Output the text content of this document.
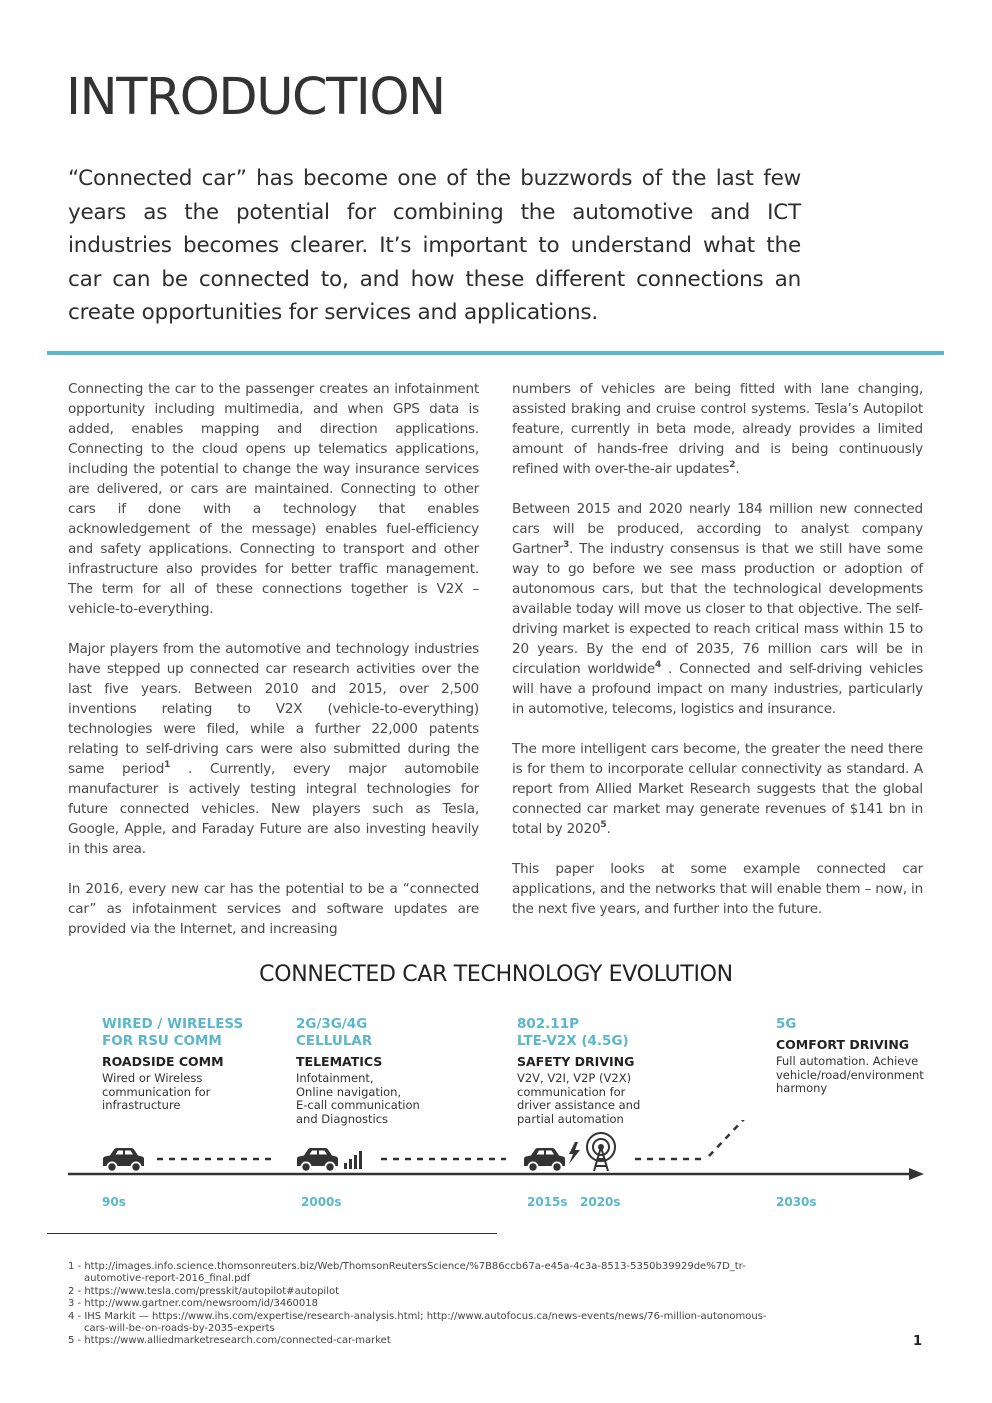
INTRODUCTION

“Connected car” has become one of the buzzwords of the last few years as the potential for combining the automotive and ICT industries becomes clearer. It’s important to understand what the car can be connected to, and how these different connections an create opportunities for services and applications.

Connecting the car to the passenger creates an infotainment opportunity including multimedia, and when GPS data is added, enables mapping and direction applications. Connecting to the cloud opens up telematics applications, including the potential to change the way insurance services are delivered, or cars are maintained. Connecting to other cars if done with a technology that enables acknowledgement of the message) enables fuel-efficiency and safety applications. Connecting to transport and other infrastructure also provides for better traffic management. The term for all of these connections together is V2X – vehicle-to-everything.

Major players from the automotive and technology industries have stepped up connected car research activities over the last five years. Between 2010 and 2015, over 2,500 inventions relating to V2X (vehicle-to-everything) technologies were filed, while a further 22,000 patents relating to self-driving cars were also submitted during the same period$^1$ . Currently, every major automobile manufacturer is actively testing integral technologies for future connected vehicles. New players such as Tesla, Google, Apple, and Faraday Future are also investing heavily in this area.

In 2016, every new car has the potential to be a “connected car” as infotainment services and software updates are provided via the Internet, and increasing

numbers of vehicles are being fitted with lane changing, assisted braking and cruise control systems. Tesla’s Autopilot feature, currently in beta mode, already provides a limited amount of hands-free driving and is being continuously refined with over-the-air updates$^2$.

Between 2015 and 2020 nearly 184 million new connected cars will be produced, according to analyst company Gartner$^3$. The industry consensus is that we still have some way to go before we see mass production or adoption of autonomous cars, but that the technological developments available today will move us closer to that objective. The self-driving market is expected to reach critical mass within 15 to 20 years. By the end of 2035, 76 million cars will be in circulation worldwide$^4$ . Connected and self-driving vehicles will have a profound impact on many industries, particularly in automotive, telecoms, logistics and insurance.

The more intelligent cars become, the greater the need there is for them to incorporate cellular connectivity as standard. A report from Allied Market Research suggests that the global connected car market may generate revenues of $141 bn in total by 2020$^5$.

This paper looks at some example connected car applications, and the networks that will enable them – now, in the next five years, and further into the future.

CONNECTED CAR TECHNOLOGY EVOLUTION
WIRED / WIRELESS
FOR RSU COMM
ROADSIDE COMM
Wired or Wireless
communication for
infrastructure
2G/3G/4G
CELLULAR
TELEMATICS
Infotainment,
Online navigation,
E-call communication
and Diagnostics
802.11P
LTE-V2X (4.5G)
SAFETY DRIVING
V2V, V2I, V2P (V2X)
communication for
driver assistance and
partial automation
5G
COMFORT DRIVING
Full automation. Achieve
vehicle/road/environment
harmony
90s	2000s	2015s 2020s	2030s
1 - http://images.info.science.thomsonreuters.biz/Web/ThomsonReutersScience/%7B86ccb67a-e45a-4c3a-8513-5350b39929de%7D_tr-automotive-report-2016_final.pdf
2 - https://www.tesla.com/presskit/autopilot#autopilot
3 - http://www.gartner.com/newsroom/id/3460018
4 - IHS Markit — https://www.ihs.com/expertise/research-analysis.html; http://www.autofocus.ca/news-events/news/76-million-autonomous-cars-will-be-on-roads-by-2035-experts
5 - https://www.alliedmarketresearch.com/connected-car-market	1
